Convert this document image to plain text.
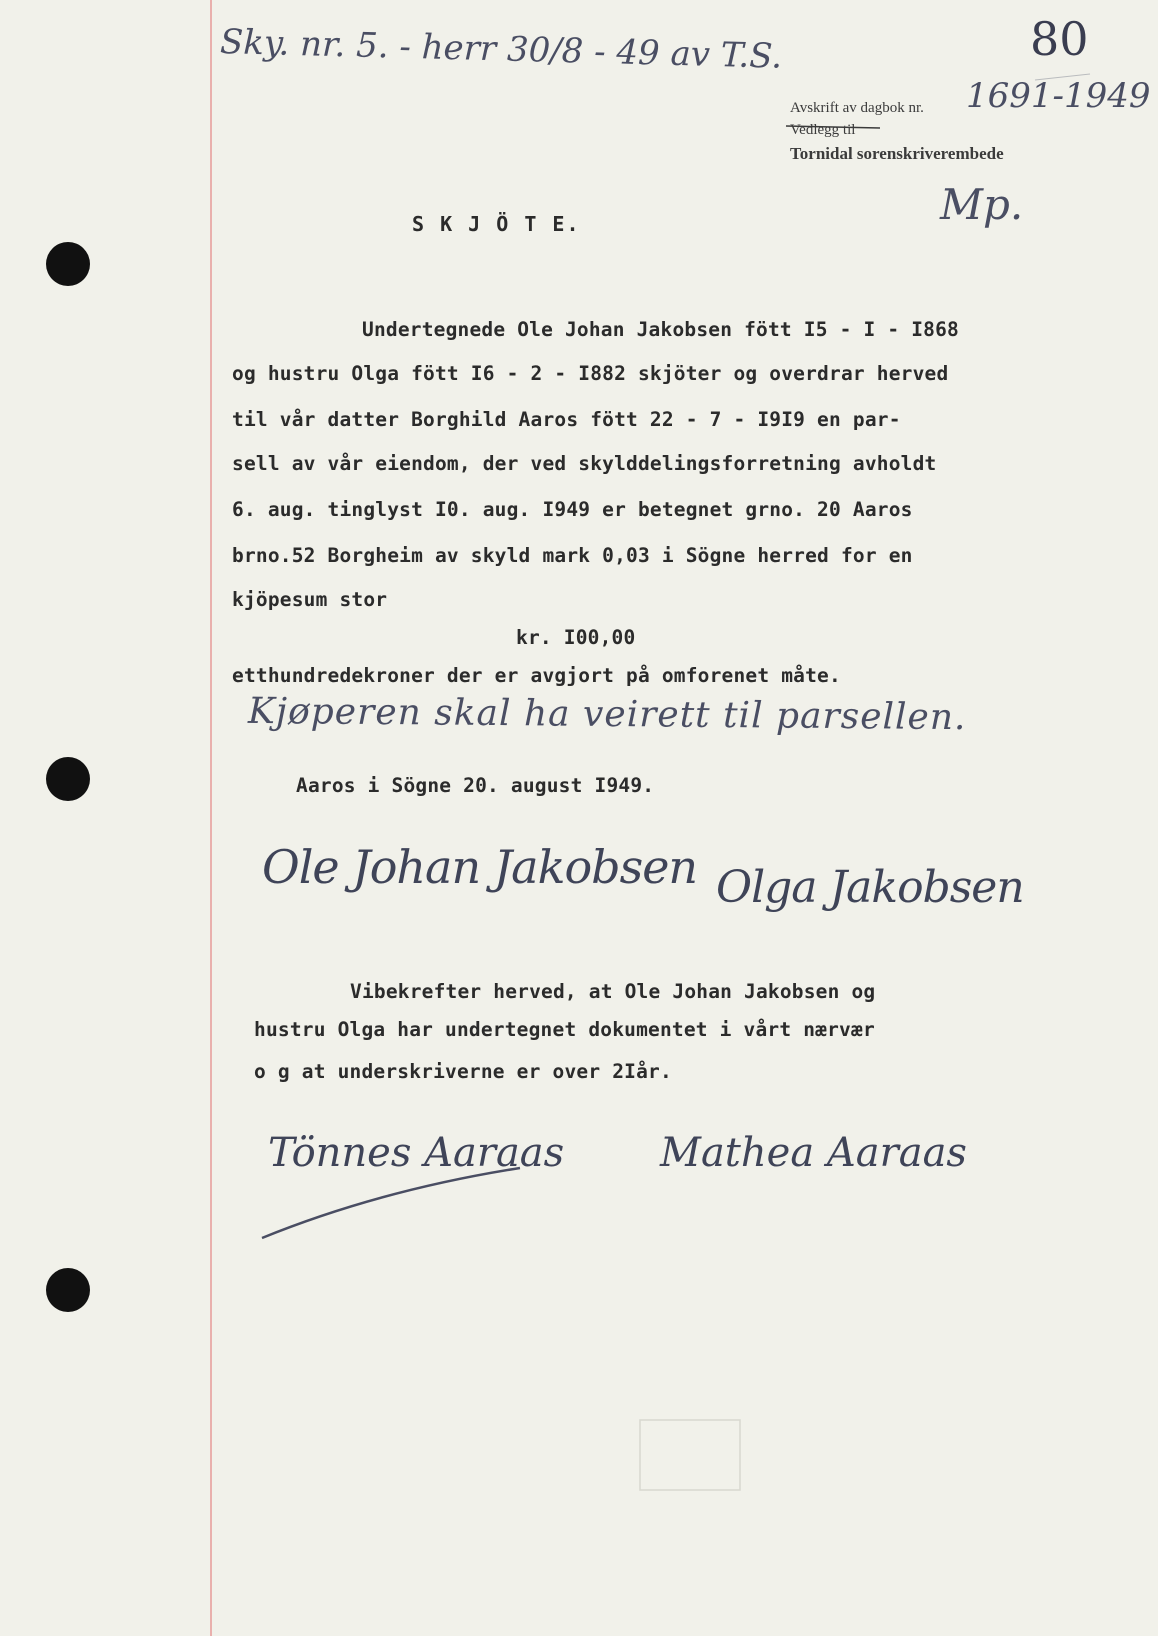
Sky. nr. 5. - herr 30/8 - 49 av T.S.	80
Avskrift av dagbok nr. 1691-1949
Vedlegg til
Tornidal sorenskriverembede
Mp.
S K J Ö T E.
Undertegnede Ole Johan Jakobsen fött I5 - I - I868
og hustru Olga fött I6 - 2 - I882 skjöter og overdrar herved
til vår datter Borghild Aaros fött 22 - 7 - I9I9 en par-
sell av vår eiendom, der ved skylddelingsforretning avholdt
6. aug. tinglyst I0. aug. I949 er betegnet grno. 20 Aaros
brno.52 Borgheim av skyld mark 0,03 i Sögne herred for en
kjöpesum stor
kr. I00,00
etthundredekroner der er avgjort på omforenet måte.
Kjøperen skal ha veirett til parsellen.
Aaros i Sögne 20. august I949.
Ole Johan Jakobsen Olga Jakobsen
Vibekrefter herved, at Ole Johan Jakobsen og
hustru Olga har undertegnet dokumentet i vårt nærvær
o g at underskriverne er over 2Iår.
Tönnes Aaraas Mathea Aaraas
